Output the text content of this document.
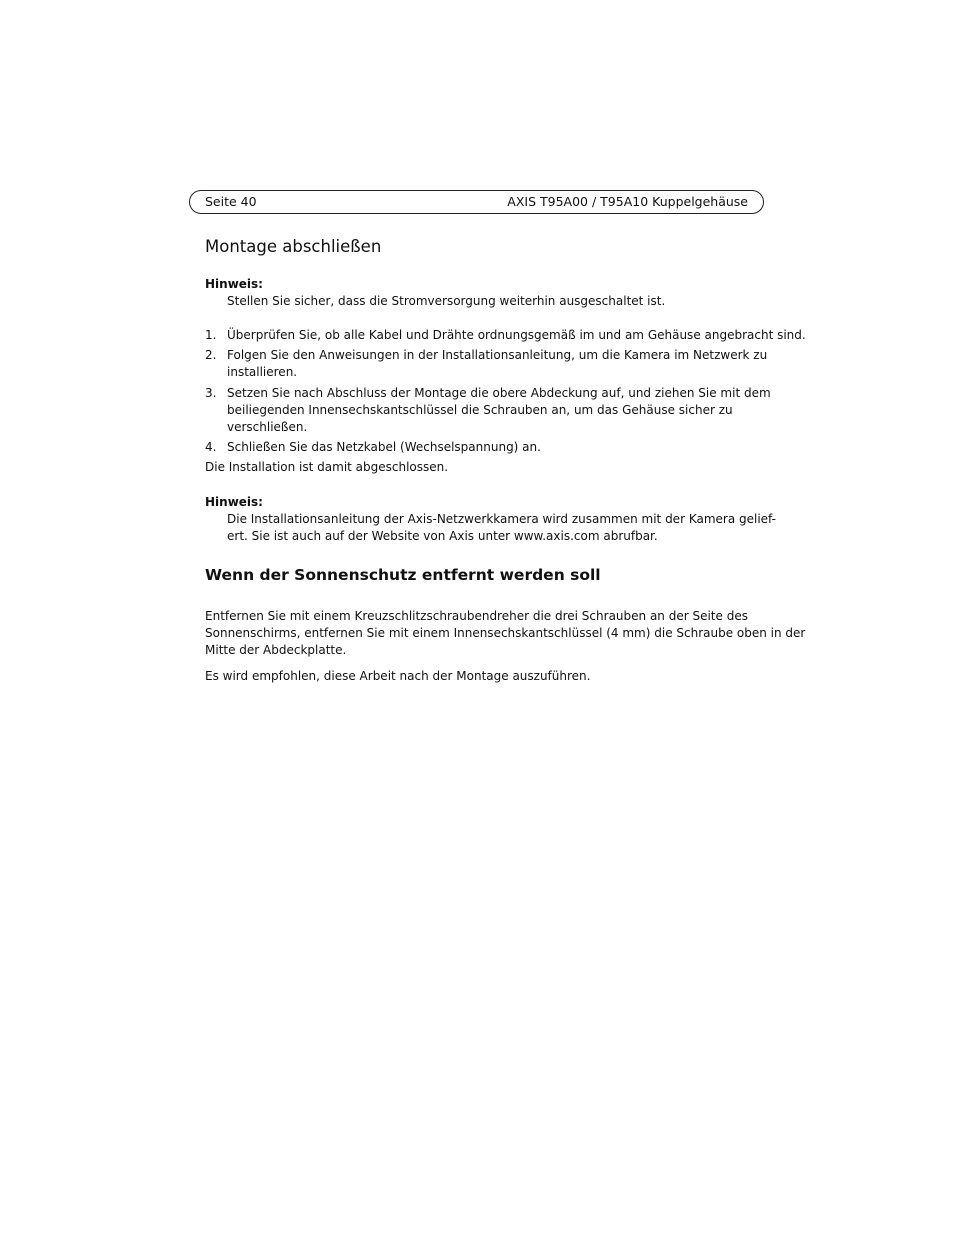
Seite 40	AXIS T95A00 / T95A10 Kuppelgehäuse
Montage abschließen
Hinweis:
Stellen Sie sicher, dass die Stromversorgung weiterhin ausgeschaltet ist.
1. Überprüfen Sie, ob alle Kabel und Drähte ordnungsgemäß im und am Gehäuse angebracht sind.
2. Folgen Sie den Anweisungen in der Installationsanleitung, um die Kamera im Netzwerk zu
installieren.
3. Setzen Sie nach Abschluss der Montage die obere Abdeckung auf, und ziehen Sie mit dem
beiliegenden Innensechskantschlüssel die Schrauben an, um das Gehäuse sicher zu
verschließen.
4. Schließen Sie das Netzkabel (Wechselspannung) an.
Die Installation ist damit abgeschlossen.
Hinweis:
Die Installationsanleitung der Axis-Netzwerkkamera wird zusammen mit der Kamera gelief-
ert. Sie ist auch auf der Website von Axis unter www.axis.com abrufbar.
Wenn der Sonnenschutz entfernt werden soll
Entfernen Sie mit einem Kreuzschlitzschraubendreher die drei Schrauben an der Seite des
Sonnenschirms, entfernen Sie mit einem Innensechskantschlüssel (4 mm) die Schraube oben in der
Mitte der Abdeckplatte.
Es wird empfohlen, diese Arbeit nach der Montage auszuführen.
